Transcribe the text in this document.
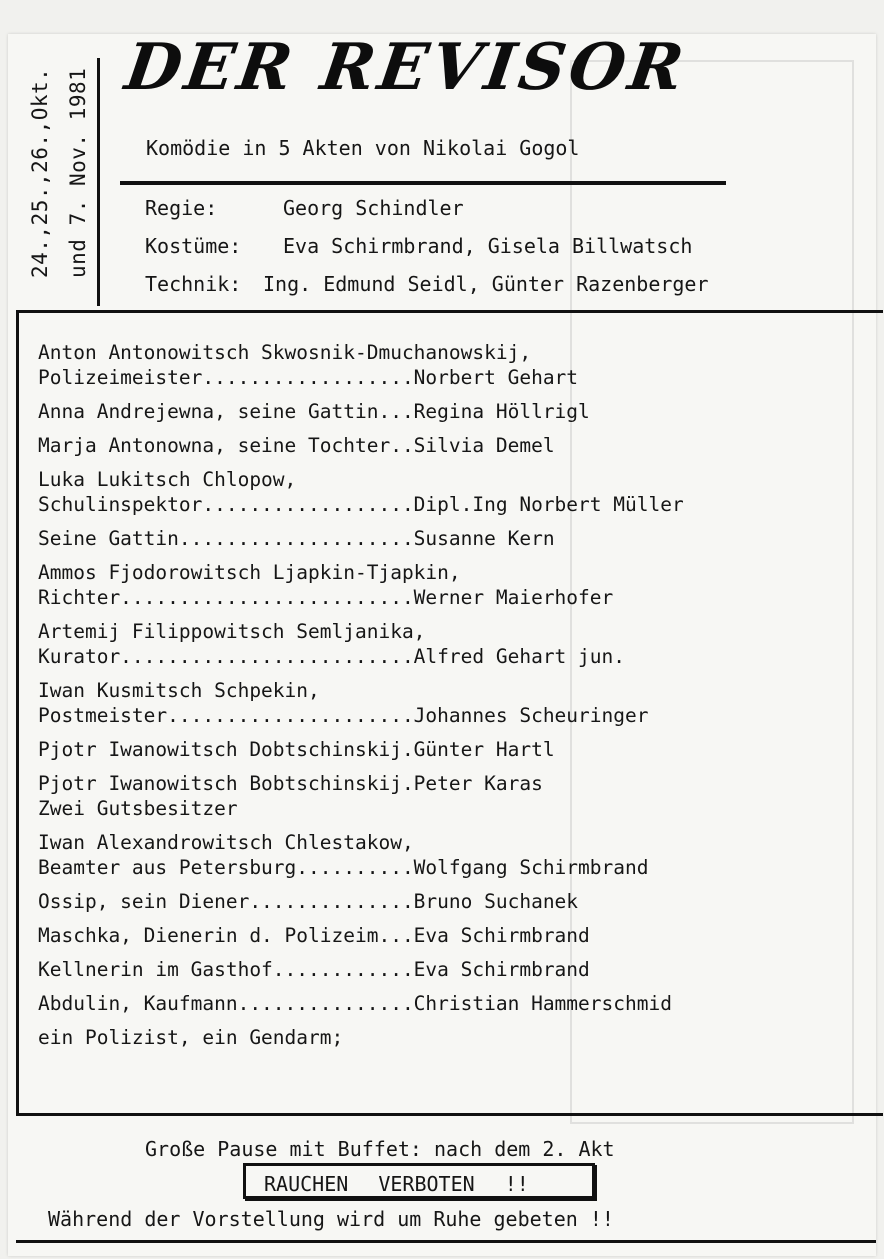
24.,25.,26.,Okt. und 7. Nov. 1981
DER REVISOR
Komödie in 5 Akten von Nikolai Gogol
Regie:	Georg Schindler
Kostüme: Eva Schirmbrand, Gisela Billwatsch
Technik: Ing. Edmund Seidl, Günter Razenberger
Anton Antonowitsch Skwosnik-Dmuchanowskij,
Polizeimeister..................Norbert Gehart
Anna Andrejewna, seine Gattin...Regina Höllrigl
Marja Antonowna, seine Tochter..Silvia Demel
Luka Lukitsch Chlopow,
Schulinspektor..................Dipl.Ing Norbert Müller
Seine Gattin....................Susanne Kern
Ammos Fjodorowitsch Ljapkin-Tjapkin,
Richter.........................Werner Maierhofer
Artemij Filippowitsch Semljanika,
Kurator.........................Alfred Gehart jun.
Iwan Kusmitsch Schpekin,
Postmeister.....................Johannes Scheuringer
Pjotr Iwanowitsch Dobtschinskij.Günter Hartl
Pjotr Iwanowitsch Bobtschinskij.Peter Karas
Zwei Gutsbesitzer
Iwan Alexandrowitsch Chlestakow,
Beamter aus Petersburg..........Wolfgang Schirmbrand
Ossip, sein Diener..............Bruno Suchanek
Maschka, Dienerin d. Polizeim...Eva Schirmbrand
Kellnerin im Gasthof............Eva Schirmbrand
Abdulin, Kaufmann...............Christian Hammerschmid
ein Polizist, ein Gendarm;
Große Pause mit Buffet: nach dem 2. Akt
RAUCHEN VERBOTEN !!
Während der Vorstellung wird um Ruhe gebeten !!
